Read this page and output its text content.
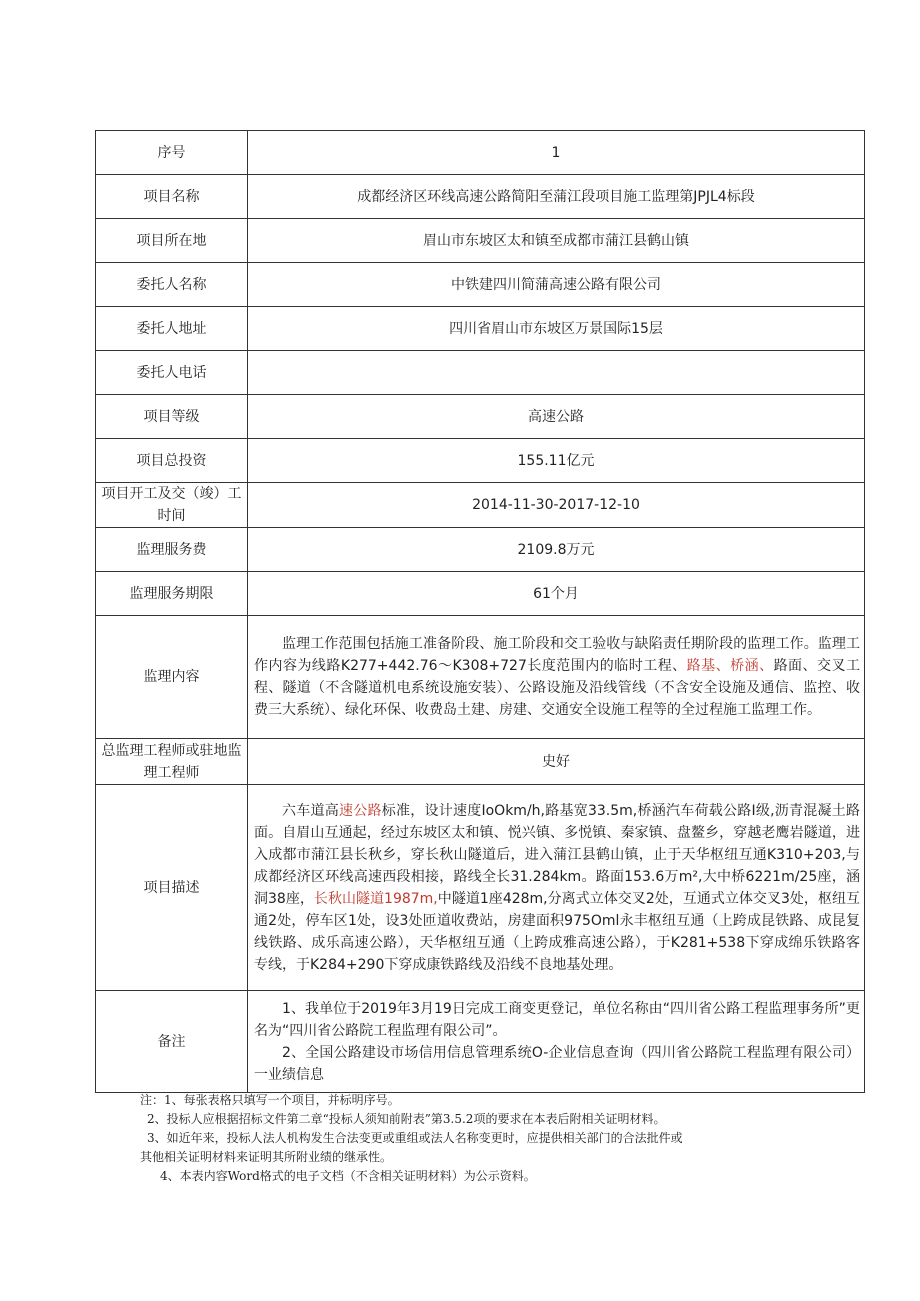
序号	1
项目名称	成都经济区环线高速公路简阳至蒲江段项目施工监理第JPJL4标段
项目所在地	眉山市东坡区太和镇至成都市蒲江县鹤山镇
委托人名称	中铁建四川简蒲高速公路有限公司
委托人地址	四川省眉山市东坡区万景国际15层
委托人电话	
项目等级	高速公路
项目总投资	155.11亿元
项目开工及交（竣）工时间	2014-11-30-2017-12-10
监理服务费	2109.8万元
监理服务期限	61个月
监理内容	监理工作范围包括施工准备阶段、施工阶段和交工验收与缺陷责任期阶段的监理工作。监理工作内容为线路K277+442.76～K308+727长度范围内的临时工程、路基、桥涵、路面、交叉工程、隧道（不含隧道机电系统设施安装）、公路设施及沿线管线（不含安全设施及通信、监控、收费三大系统）、绿化环保、收费岛土建、房建、交通安全设施工程等的全过程施工监理工作。

总监理工程师或驻地监理工程师	史好
项目描述	六车道高速公路标准，设计速度IoOkm/h,路基宽33.5m,桥涵汽车荷载公路Ⅰ级,沥青混凝土路面。自眉山互通起，经过东坡区太和镇、悦兴镇、多悦镇、秦家镇、盘鳌乡，穿越老鹰岩隧道，进入成都市蒲江县长秋乡，穿长秋山隧道后，进入蒲江县鹤山镇，止于天华枢纽互通K310+203,与成都经济区环线高速西段相接，路线全长31.284km。路面153.6万m²,大中桥6221m/25座，涵洞38座，长秋山隧道1987m,中隧道1座428m,分离式立体交叉2处，互通式立体交叉3处，枢纽互通2处，停车区1处，设3处匝道收费站，房建面积975Oml永丰枢纽互通（上跨成昆铁路、成昆复线铁路、成乐高速公路），天华枢纽互通（上跨成雅高速公路），于K281+538下穿成绵乐铁路客专线，于K284+290下穿成康铁路线及沿线不良地基处理。

备注	1、我单位于2019年3月19日完成工商变更登记，单位名称由“四川省公路工程监理事务所”更名为“四川省公路院工程监理有限公司”。
2、全国公路建设市场信用信息管理系统O-企业信息查询（四川省公路院工程监理有限公司）一业绩信息
注：1、每张表格只填写一个项目，并标明序号。
2、投标人应根据招标文件第二章“投标人须知前附表”第3.5.2项的要求在本表后附相关证明材料。
3、如近年来，投标人法人机构发生合法变更或重组或法人名称变更时，应提供相关部门的合法批件或
其他相关证明材料来证明其所附业绩的继承性。
4、本表内容Word格式的电子文档（不含相关证明材料）为公示资料。
